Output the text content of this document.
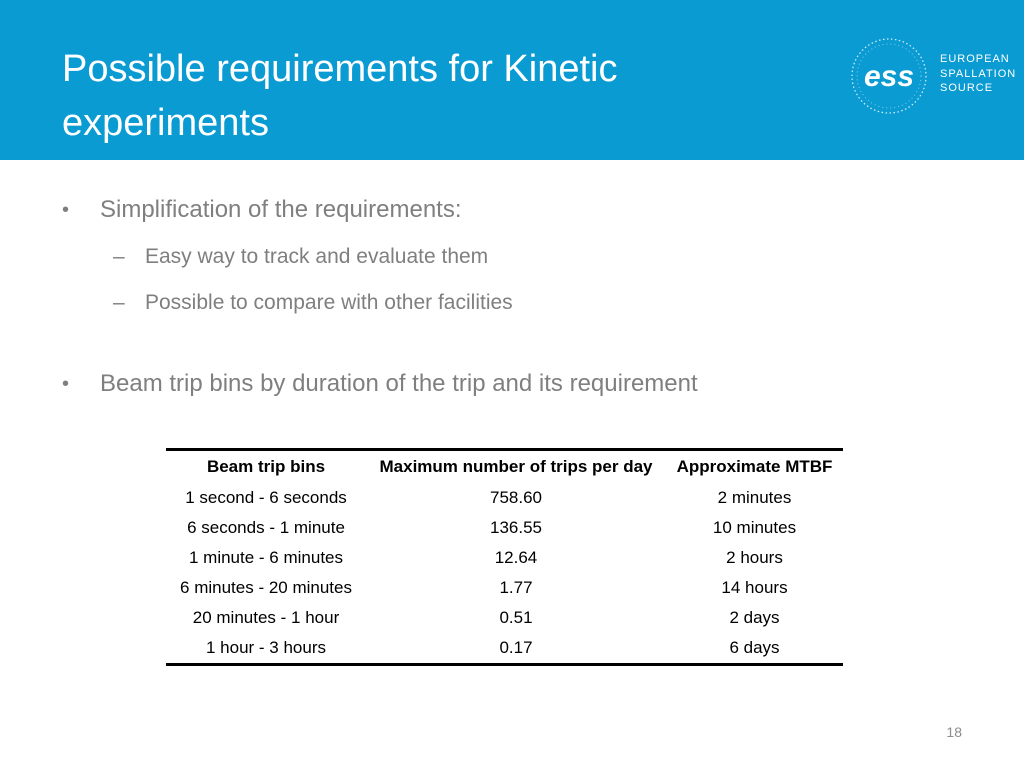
Possible requirements for Kinetic
experiments
ess
EUROPEAN
SPALLATION
SOURCE
• Simplification of the requirements:
– Easy way to track and evaluate them
– Possible to compare with other facilities
• Beam trip bins by duration of the trip and its requirement
Beam trip bins	Maximum number of trips per day	Approximate MTBF
1 second - 6 seconds	758.60	2 minutes
6 seconds - 1 minute	136.55	10 minutes
1 minute - 6 minutes	12.64	2 hours
6 minutes - 20 minutes	1.77	14 hours
20 minutes - 1 hour	0.51	2 days
1 hour - 3 hours	0.17	6 days
18
